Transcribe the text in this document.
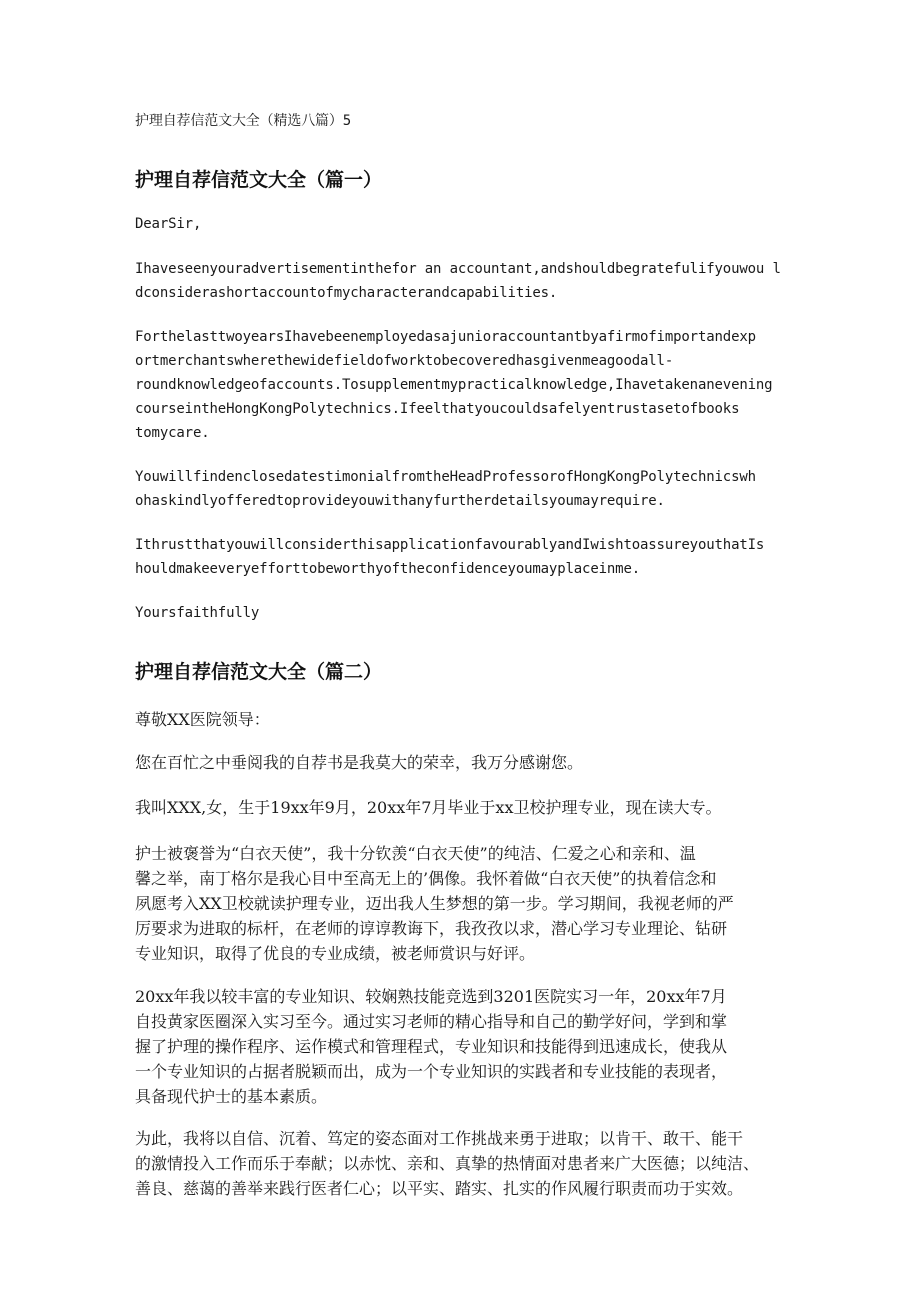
护理自荐信范文大全（精选八篇）5
护理自荐信范文大全（篇一）
DearSir,
Ihaveseenyouradvertisementinthefor an accountant,andshouldbegratefulifyouwou l
dconsiderashortaccountofmycharacterandcapabilities.
ForthelasttwoyearsIhavebeenemployedasajunioraccountantbyafirmofimportandexp
ortmerchantswherethewidefieldofworktobecoveredhasgivenmeagoodall-
roundknowledgeofaccounts.Tosupplementmypracticalknowledge,Ihavetakenanevening
courseintheHongKongPolytechnics.Ifeelthatyoucouldsafelyentrustasetofbooks
tomycare.
YouwillfindenclosedatestimonialfromtheHeadProfessorofHongKongPolytechnicswh
ohaskindlyofferedtoprovideyouwithanyfurtherdetailsyoumayrequire.
IthrustthatyouwillconsiderthisapplicationfavourablyandIwishtoassureyouthatIs
houldmakeeveryefforttobeworthyoftheconfidenceyoumayplaceinme.
Yoursfaithfully
护理自荐信范文大全（篇二）
尊敬XX医院领导：
您在百忙之中垂阅我的自荐书是我莫大的荣幸，我万分感谢您。
我叫XXX,女，生于19xx年9月，20xx年7月毕业于xx卫校护理专业，现在读大专。
护士被褒誉为“白衣天使”，我十分钦羡“白衣天使”的纯洁、仁爱之心和亲和、温
馨之举，南丁格尔是我心目中至高无上的’偶像。我怀着做“白衣天使”的执着信念和
夙愿考入XX卫校就读护理专业，迈出我人生梦想的第一步。学习期间，我视老师的严
厉要求为进取的标杆，在老师的谆谆教诲下，我孜孜以求，潜心学习专业理论、钻研
专业知识，取得了优良的专业成绩，被老师赏识与好评。
20xx年我以较丰富的专业知识、较娴熟技能竞选到3201医院实习一年，20xx年7月
自投黄家医圈深入实习至今。通过实习老师的精心指导和自己的勤学好问，学到和掌
握了护理的操作程序、运作模式和管理程式，专业知识和技能得到迅速成长，使我从
一个专业知识的占据者脱颖而出，成为一个专业知识的实践者和专业技能的表现者，
具备现代护士的基本素质。
为此，我将以自信、沉着、笃定的姿态面对工作挑战来勇于进取；以肯干、敢干、能干
的激情投入工作而乐于奉献；以赤忱、亲和、真挚的热情面对患者来广大医德；以纯洁、
善良、慈蔼的善举来践行医者仁心；以平实、踏实、扎实的作风履行职责而功于实效。
